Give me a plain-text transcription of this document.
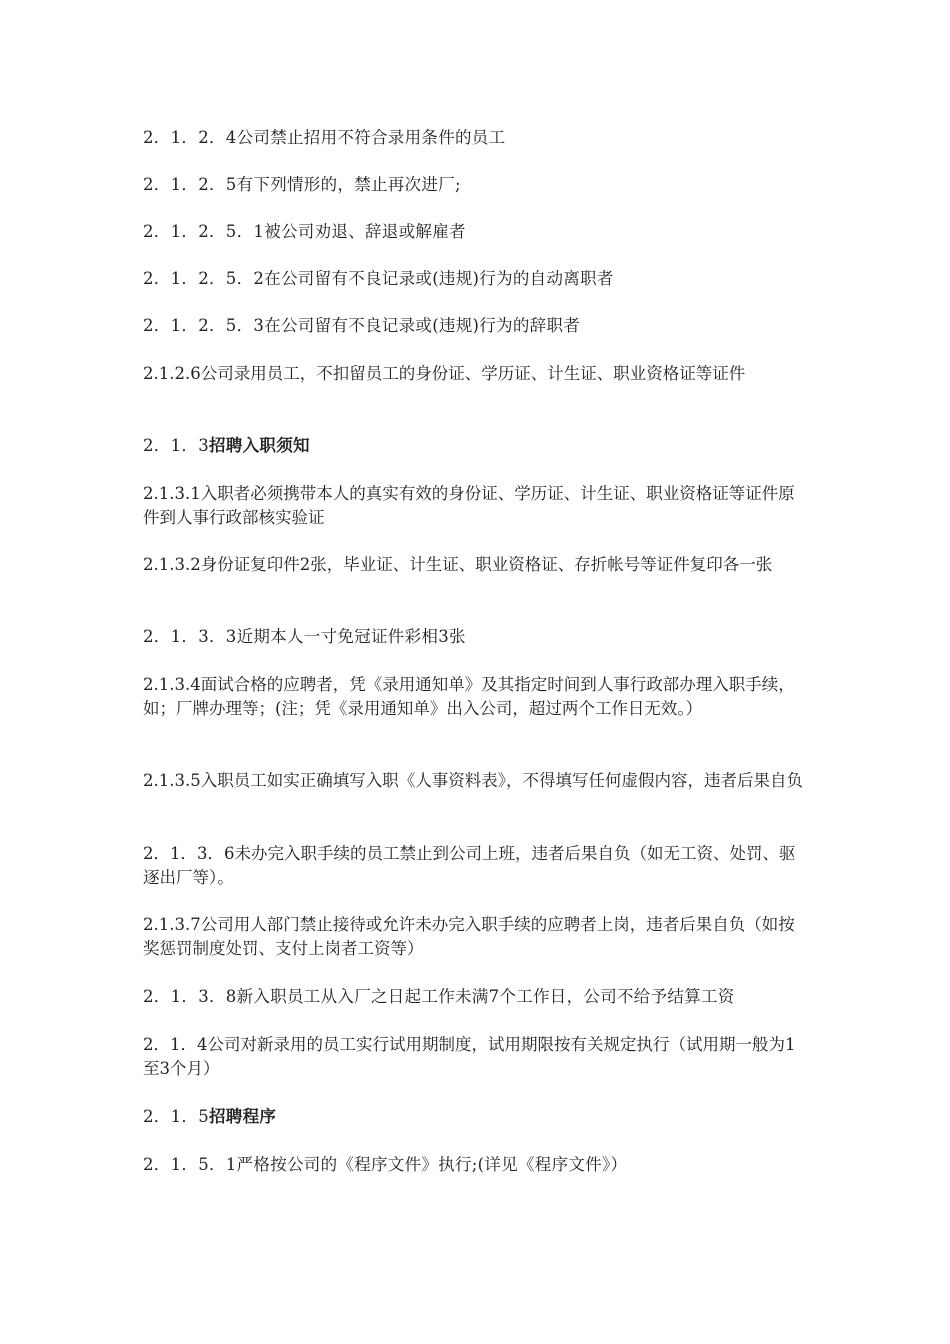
2．1．2．4公司禁止招用不符合录用条件的员工
2．1．2．5有下列情形的，禁止再次进厂;
2．1．2．5．1被公司劝退、辞退或解雇者
2．1．2．5．2在公司留有不良记录或(违规)行为的自动离职者
2．1．2．5．3在公司留有不良记录或(违规)行为的辞职者
2.1.2.6公司录用员工，不扣留员工的身份证、学历证、计生证、职业资格证等证件
2．1．3招聘入职须知
2.1.3.1入职者必须携带本人的真实有效的身份证、学历证、计生证、职业资格证等证件原件到人事行政部核实验证
2.1.3.2身份证复印件2张，毕业证、计生证、职业资格证、存折帐号等证件复印各一张
2．1．3．3近期本人一寸免冠证件彩相3张
2.1.3.4面试合格的应聘者，凭《录用通知单》及其指定时间到人事行政部办理入职手续，如；厂牌办理等；(注；凭《录用通知单》出入公司，超过两个工作日无效。）
2.1.3.5入职员工如实正确填写入职《人事资料表》，不得填写任何虚假内容，违者后果自负
2．1．3．6未办完入职手续的员工禁止到公司上班，违者后果自负（如无工资、处罚、驱逐出厂等）。
2.1.3.7公司用人部门禁止接待或允许未办完入职手续的应聘者上岗，违者后果自负（如按奖惩罚制度处罚、支付上岗者工资等）
2．1．3．8新入职员工从入厂之日起工作未满7个工作日，公司不给予结算工资
2．1．4公司对新录用的员工实行试用期制度，试用期限按有关规定执行（试用期一般为1至3个月）
2．1．5招聘程序
2．1．5．1严格按公司的《程序文件》执行;(详见《程序文件》）
